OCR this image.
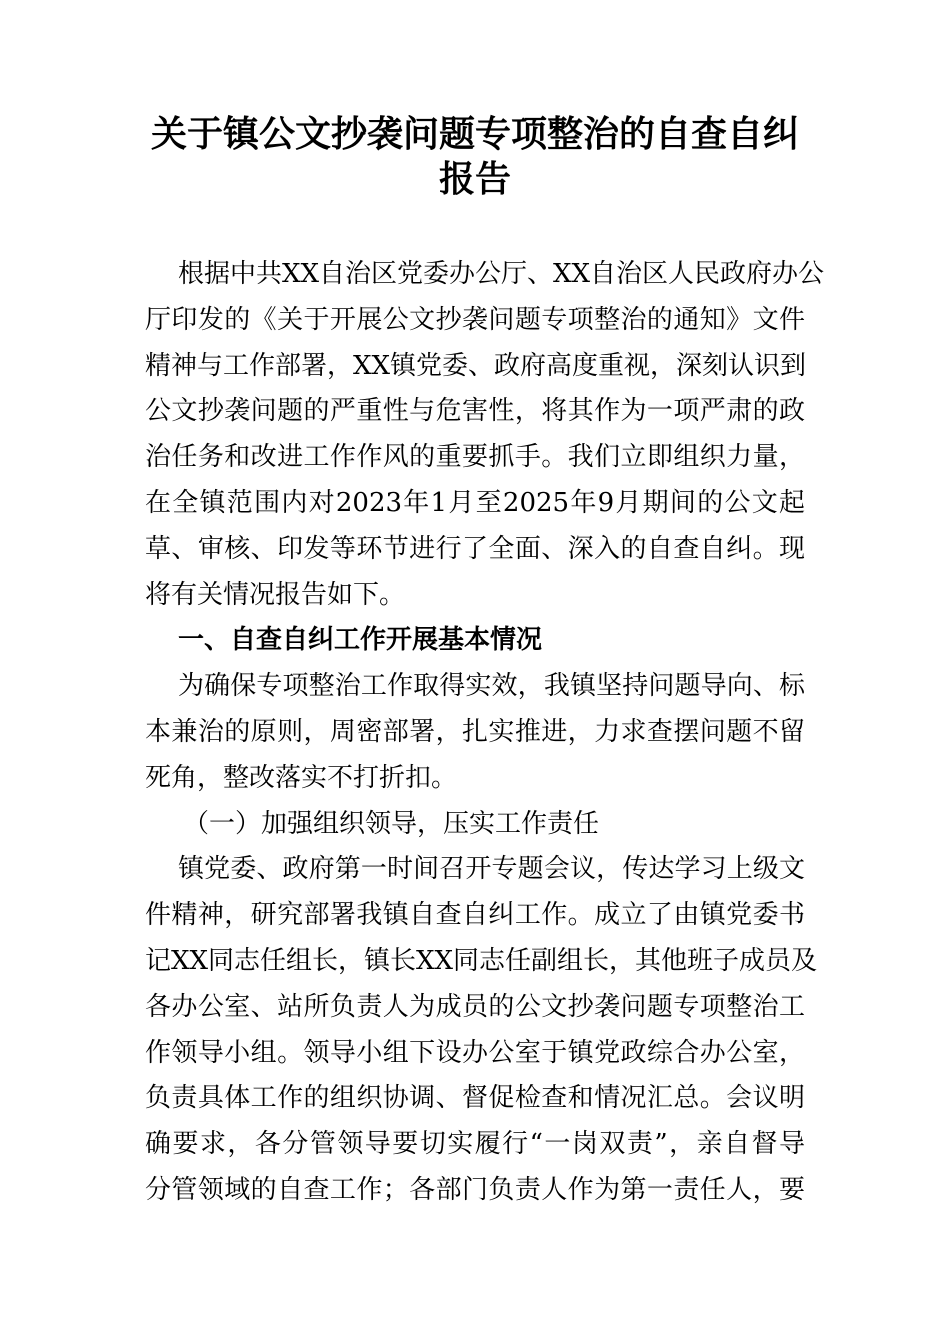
关于镇公文抄袭问题专项整治的自查自纠
报告
根据中共XX自治区党委办公厅、XX自治区人民政府办公
厅印发的《关于开展公文抄袭问题专项整治的通知》文件
精神与工作部署，XX镇党委、政府高度重视，深刻认识到
公文抄袭问题的严重性与危害性，将其作为一项严肃的政
治任务和改进工作作风的重要抓手。我们立即组织力量，
在全镇范围内对2023年1月至2025年9月期间的公文起
草、审核、印发等环节进行了全面、深入的自查自纠。现
将有关情况报告如下。
一、自查自纠工作开展基本情况
为确保专项整治工作取得实效，我镇坚持问题导向、标
本兼治的原则，周密部署，扎实推进，力求查摆问题不留
死角，整改落实不打折扣。
（一）加强组织领导，压实工作责任
镇党委、政府第一时间召开专题会议，传达学习上级文
件精神，研究部署我镇自查自纠工作。成立了由镇党委书
记XX同志任组长，镇长XX同志任副组长，其他班子成员及
各办公室、站所负责人为成员的公文抄袭问题专项整治工
作领导小组。领导小组下设办公室于镇党政综合办公室，
负责具体工作的组织协调、督促检查和情况汇总。会议明
确要求，各分管领导要切实履行“一岗双责”，亲自督导
分管领域的自查工作；各部门负责人作为第一责任人，要
